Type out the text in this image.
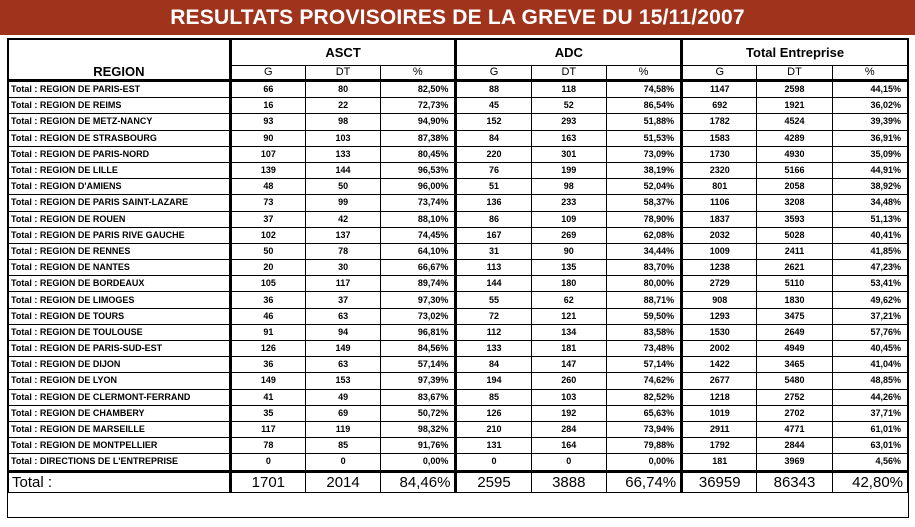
RESULTATS PROVISOIRES DE LA GREVE DU 15/11/2007
REGION	ASCT			ADC			Total Entreprise		
	G	DT	%	G	DT	%	G	DT	%
Total : REGION DE PARIS-EST	66	80	82,50%	88	118	74,58%	1147	2598	44,15%
Total : REGION DE REIMS	16	22	72,73%	45	52	86,54%	692	1921	36,02%
Total : REGION DE METZ-NANCY	93	98	94,90%	152	293	51,88%	1782	4524	39,39%
Total : REGION DE STRASBOURG	90	103	87,38%	84	163	51,53%	1583	4289	36,91%
Total : REGION DE PARIS-NORD	107	133	80,45%	220	301	73,09%	1730	4930	35,09%
Total : REGION DE LILLE	139	144	96,53%	76	199	38,19%	2320	5166	44,91%
Total : REGION D'AMIENS	48	50	96,00%	51	98	52,04%	801	2058	38,92%
Total : REGION DE PARIS SAINT-LAZARE	73	99	73,74%	136	233	58,37%	1106	3208	34,48%
Total : REGION DE ROUEN	37	42	88,10%	86	109	78,90%	1837	3593	51,13%
Total : REGION DE PARIS RIVE GAUCHE	102	137	74,45%	167	269	62,08%	2032	5028	40,41%
Total : REGION DE RENNES	50	78	64,10%	31	90	34,44%	1009	2411	41,85%
Total : REGION DE NANTES	20	30	66,67%	113	135	83,70%	1238	2621	47,23%
Total : REGION DE BORDEAUX	105	117	89,74%	144	180	80,00%	2729	5110	53,41%
Total : REGION DE LIMOGES	36	37	97,30%	55	62	88,71%	908	1830	49,62%
Total : REGION DE TOURS	46	63	73,02%	72	121	59,50%	1293	3475	37,21%
Total : REGION DE TOULOUSE	91	94	96,81%	112	134	83,58%	1530	2649	57,76%
Total : REGION DE PARIS-SUD-EST	126	149	84,56%	133	181	73,48%	2002	4949	40,45%
Total : REGION DE DIJON	36	63	57,14%	84	147	57,14%	1422	3465	41,04%
Total : REGION DE LYON	149	153	97,39%	194	260	74,62%	2677	5480	48,85%
Total : REGION DE CLERMONT-FERRAND	41	49	83,67%	85	103	82,52%	1218	2752	44,26%
Total : REGION DE CHAMBERY	35	69	50,72%	126	192	65,63%	1019	2702	37,71%
Total : REGION DE MARSEILLE	117	119	98,32%	210	284	73,94%	2911	4771	61,01%
Total : REGION DE MONTPELLIER	78	85	91,76%	131	164	79,88%	1792	2844	63,01%
Total : DIRECTIONS DE L'ENTREPRISE	0	0	0,00%	0	0	0,00%	181	3969	4,56%
Total :	1701	2014	84,46%	2595	3888	66,74%	36959	86343	42,80%
